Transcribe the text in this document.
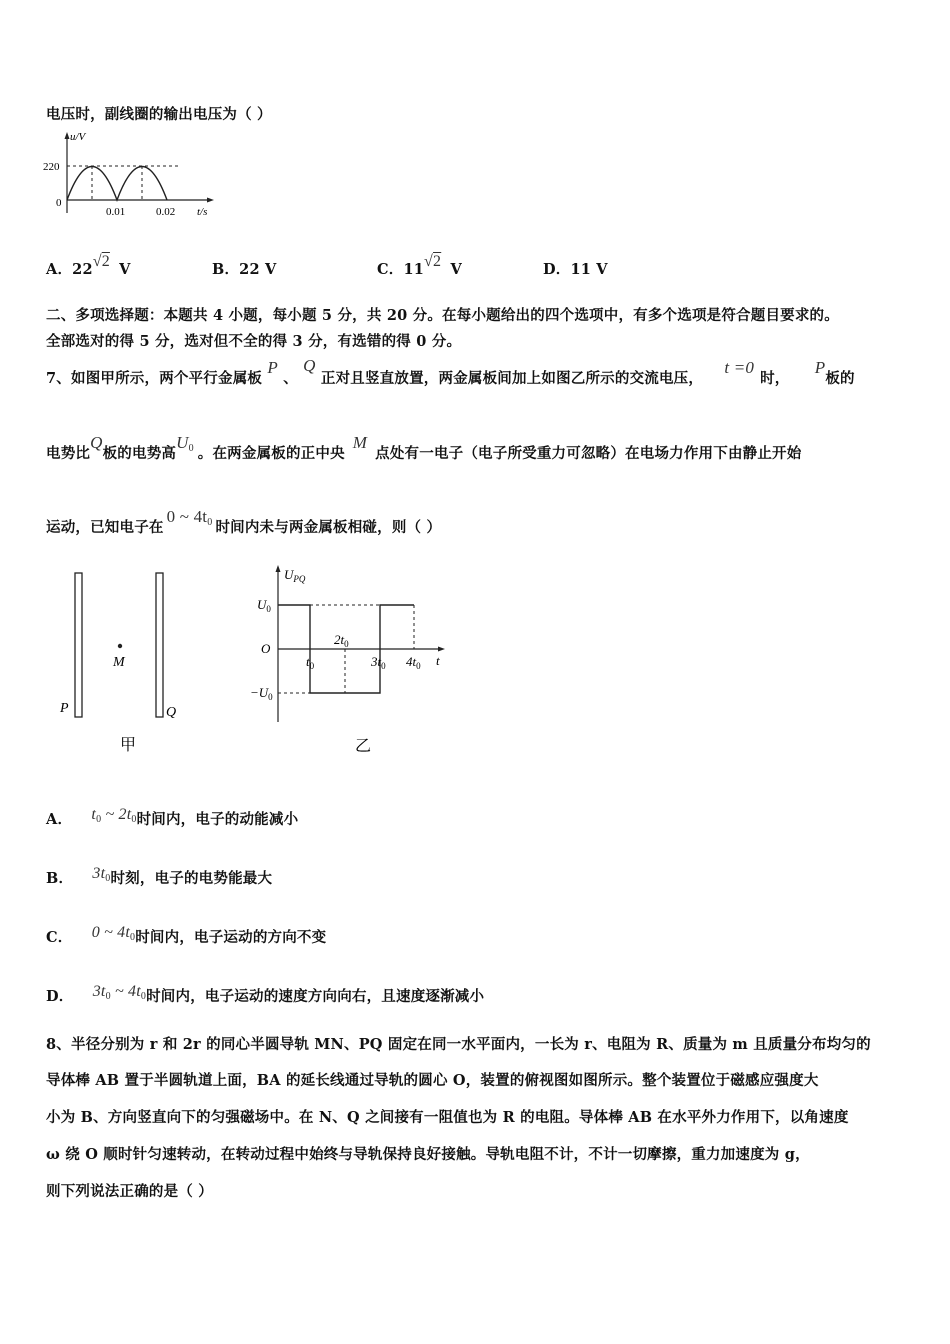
电压时，副线圈的输出电压为（ ）
u/V
220
0
0.01	0.02 t/s
A．22√2 V	B．22 V	C．11√2 V	D．11 V
二、多项选择题：本题共 4 小题，每小题 5 分，共 20 分。在每小题给出的四个选项中，有多个选项是符合题目要求的。
全部选对的得 5 分，选对但不全的得 3 分，有选错的得 0 分。
7、如图甲所示，两个平行金属板 P 、 Q 正对且竖直放置，两金属板间加上如图乙所示的交流电压， t =0时， P板的
电势比Q板的电势高U0 。在两金属板的正中央M点处有一电子（电子所受重力可忽略）在电场力作用下由静止开始
运动，已知电子在0 ~ 4t0 时间内未与两金属板相碰，则（ ）
P	Q
M
甲
$U_{PQ}$
$U_0$
O
$-U_0$
$t_0$
$2t_0$
$3t_0$ $4t_0$ t
乙
A． t0 ~ 2t0时间内，电子的动能减小
B． 3t0时刻，电子的电势能最大
C． 0 ~ 4t0时间内，电子运动的方向不变
D． 3t0 ~ 4t0时间内，电子运动的速度方向向右，且速度逐渐减小
8、半径分别为 r 和 2r 的同心半圆导轨 MN、PQ 固定在同一水平面内，一长为 r、电阻为 R、质量为 m 且质量分布均匀的
导体棒 AB 置于半圆轨道上面，BA 的延长线通过导轨的圆心 O，装置的俯视图如图所示。整个装置位于磁感应强度大
小为 B、方向竖直向下的匀强磁场中。在 N、Q 之间接有一阻值也为 R 的电阻。导体棒 AB 在水平外力作用下，以角速度
ω 绕 O 顺时针匀速转动，在转动过程中始终与导轨保持良好接触。导轨电阻不计，不计一切摩擦，重力加速度为 g，
则下列说法正确的是（ ）
